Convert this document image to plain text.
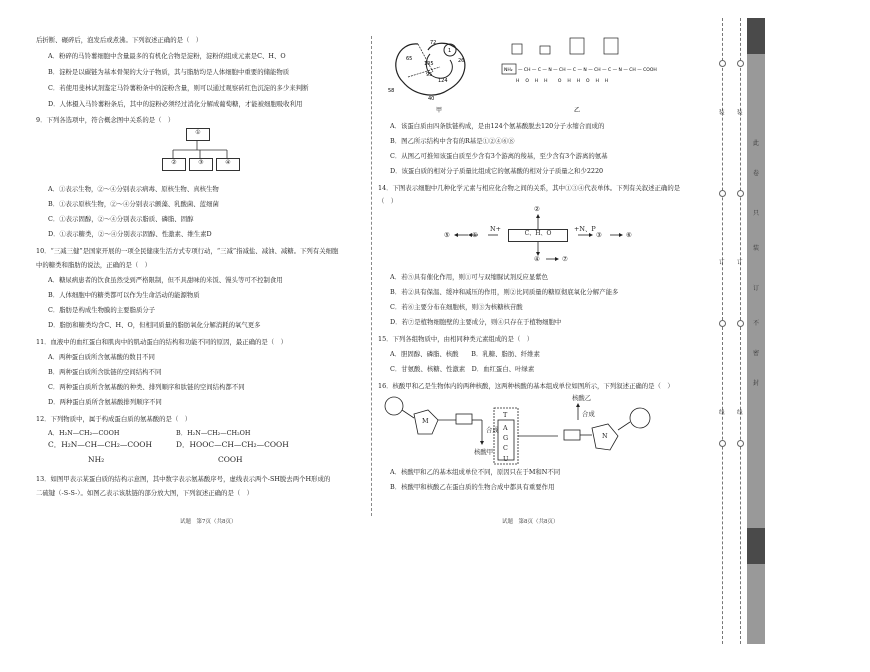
后折断、碾碎后，泡发后或煮沸。下列叙述正确的是（　）

A．粉碎的马铃薯细胞中含量最多的有机化合物是淀粉，淀粉的组成元素是C、H、O

B．淀粉是以碳链为基本骨架的大分子物质，其与脂肪均是人体细胞中重要的储能物质

C．若使用斐林试剂鉴定马铃薯粉条中的淀粉含量，则可以通过观察砖红色沉淀的多少来判断

D．人体摄入马铃薯粉条后，其中的淀粉必须经过消化分解成葡萄糖，才能被细胞吸收利用

9．下列各选项中，符合概念图中关系的是（　）

①
②	③	④

A．①表示生物，②～④分别表示病毒、原核生物、真核生物

B．①表示原核生物，②～④分别表示颤藻、乳酸菌、蓝细菌

C．①表示固醇，②～④分别表示脂质、磷脂、固醇

D．①表示糖类，②～④分别表示固醇、性激素、维生素D

10．“三减三健”是国家开展的一项全民健康生活方式专项行动，“三减”指减盐、减油、减糖。下列有关细胞

中的糖类和脂肪的说法，正确的是（　）

A．糖尿病患者的饮食虽然受到严格限制，但不具甜味的米饭、馒头等可不控制食用

B．人体细胞中的糖类都可以作为生命活动的能源物质

C．脂肪是构成生物膜的主要脂质分子

D．脂肪和糖类均含C、H、O，但相同质量的脂肪氧化分解消耗的氧气更多

11．血液中的血红蛋白和肌肉中的肌动蛋白的结构和功能不同的原因，最正确的是（　）

A．两种蛋白质所含氨基酸的数目不同

B．两种蛋白质所含肽链的空间结构不同

C．两种蛋白质所含氨基酸的种类、排列顺序和肽链的空间结构都不同

D．两种蛋白质所含氨基酸排列顺序不同

12．下列物质中，属于构成蛋白质的氨基酸的是（　）

A．H₂N—CH₂—COOH	B．H₂N—CH₂—CH₂OH
C．H₂N—CH—CH₂—COOH
NH₂
D．HOOC—CH—CH₂—COOH
COOH

13．如图甲表示某蛋白质的结构示意图，其中数字表示氨基酸序号，虚线表示两个-SH脱去两个H形成的

二硫键（-S-S-）。如图乙表示该肽链的部分放大图，下列叙述正确的是（　）

试题　第7页（共8页）
72
65
105
95
124
26
58
40
1
甲
NH₂ — CH — C — N — CH — C — N — CH — C — N — CH — COOH
H　 O　 H　 H　　 O　 H　 H　 O　 H　 H
乙

A．该蛋白质由四条肽链构成，是由124个氨基酸脱去120分子水缩合而成的

B．图乙所示结构中含有的R基是①②④⑥⑧

C．从图乙可推知该蛋白质至少含有3个游离的羧基，至少含有3个游离的氨基

D．该蛋白质的相对分子质量比组成它的氨基酸的相对分子质量之和少2220

14．下图表示细胞中几种化学元素与相应化合物之间的关系，其中①③④代表单体。下列有关叙述正确的是

（　）

C、H、O
N+	+N、P
②
①
⑤	③	⑥
④	⑦

A．若⑤具有催化作用，则①可与双缩脲试剂反应显紫色

B．若②具有保温、缓冲和减压的作用，则②比同质量的糖原彻底氧化分解产能多

C．若⑥主要分布在细胞核，则③为核糖核苷酸

D．若⑦是植物细胞壁的主要成分，则④只存在于植物细胞中

15．下列各组物质中，由相同种类元素组成的是（　）

A．胆固醇、磷脂、核酸　　B．乳糖、脂肪、纤维素

C．甘氨酸、核糖、性激素　D．血红蛋白、叶绿素

16．核酸甲和乙是生物体内的两种核酸，这两种核酸的基本组成单位如图所示，下列叙述正确的是（　）

M
N
T
A
G
C
U
合成
核酸甲
合成
核酸乙

A．核酸甲和乙的基本组成单位不同，原因只在于M和N不同

B．核酸甲和核酸乙在蛋白质的生物合成中都具有重要作用

试题　第8页（共8页）
装
订
线
装
订
线
此
卷
只
装
订
不
密
封
